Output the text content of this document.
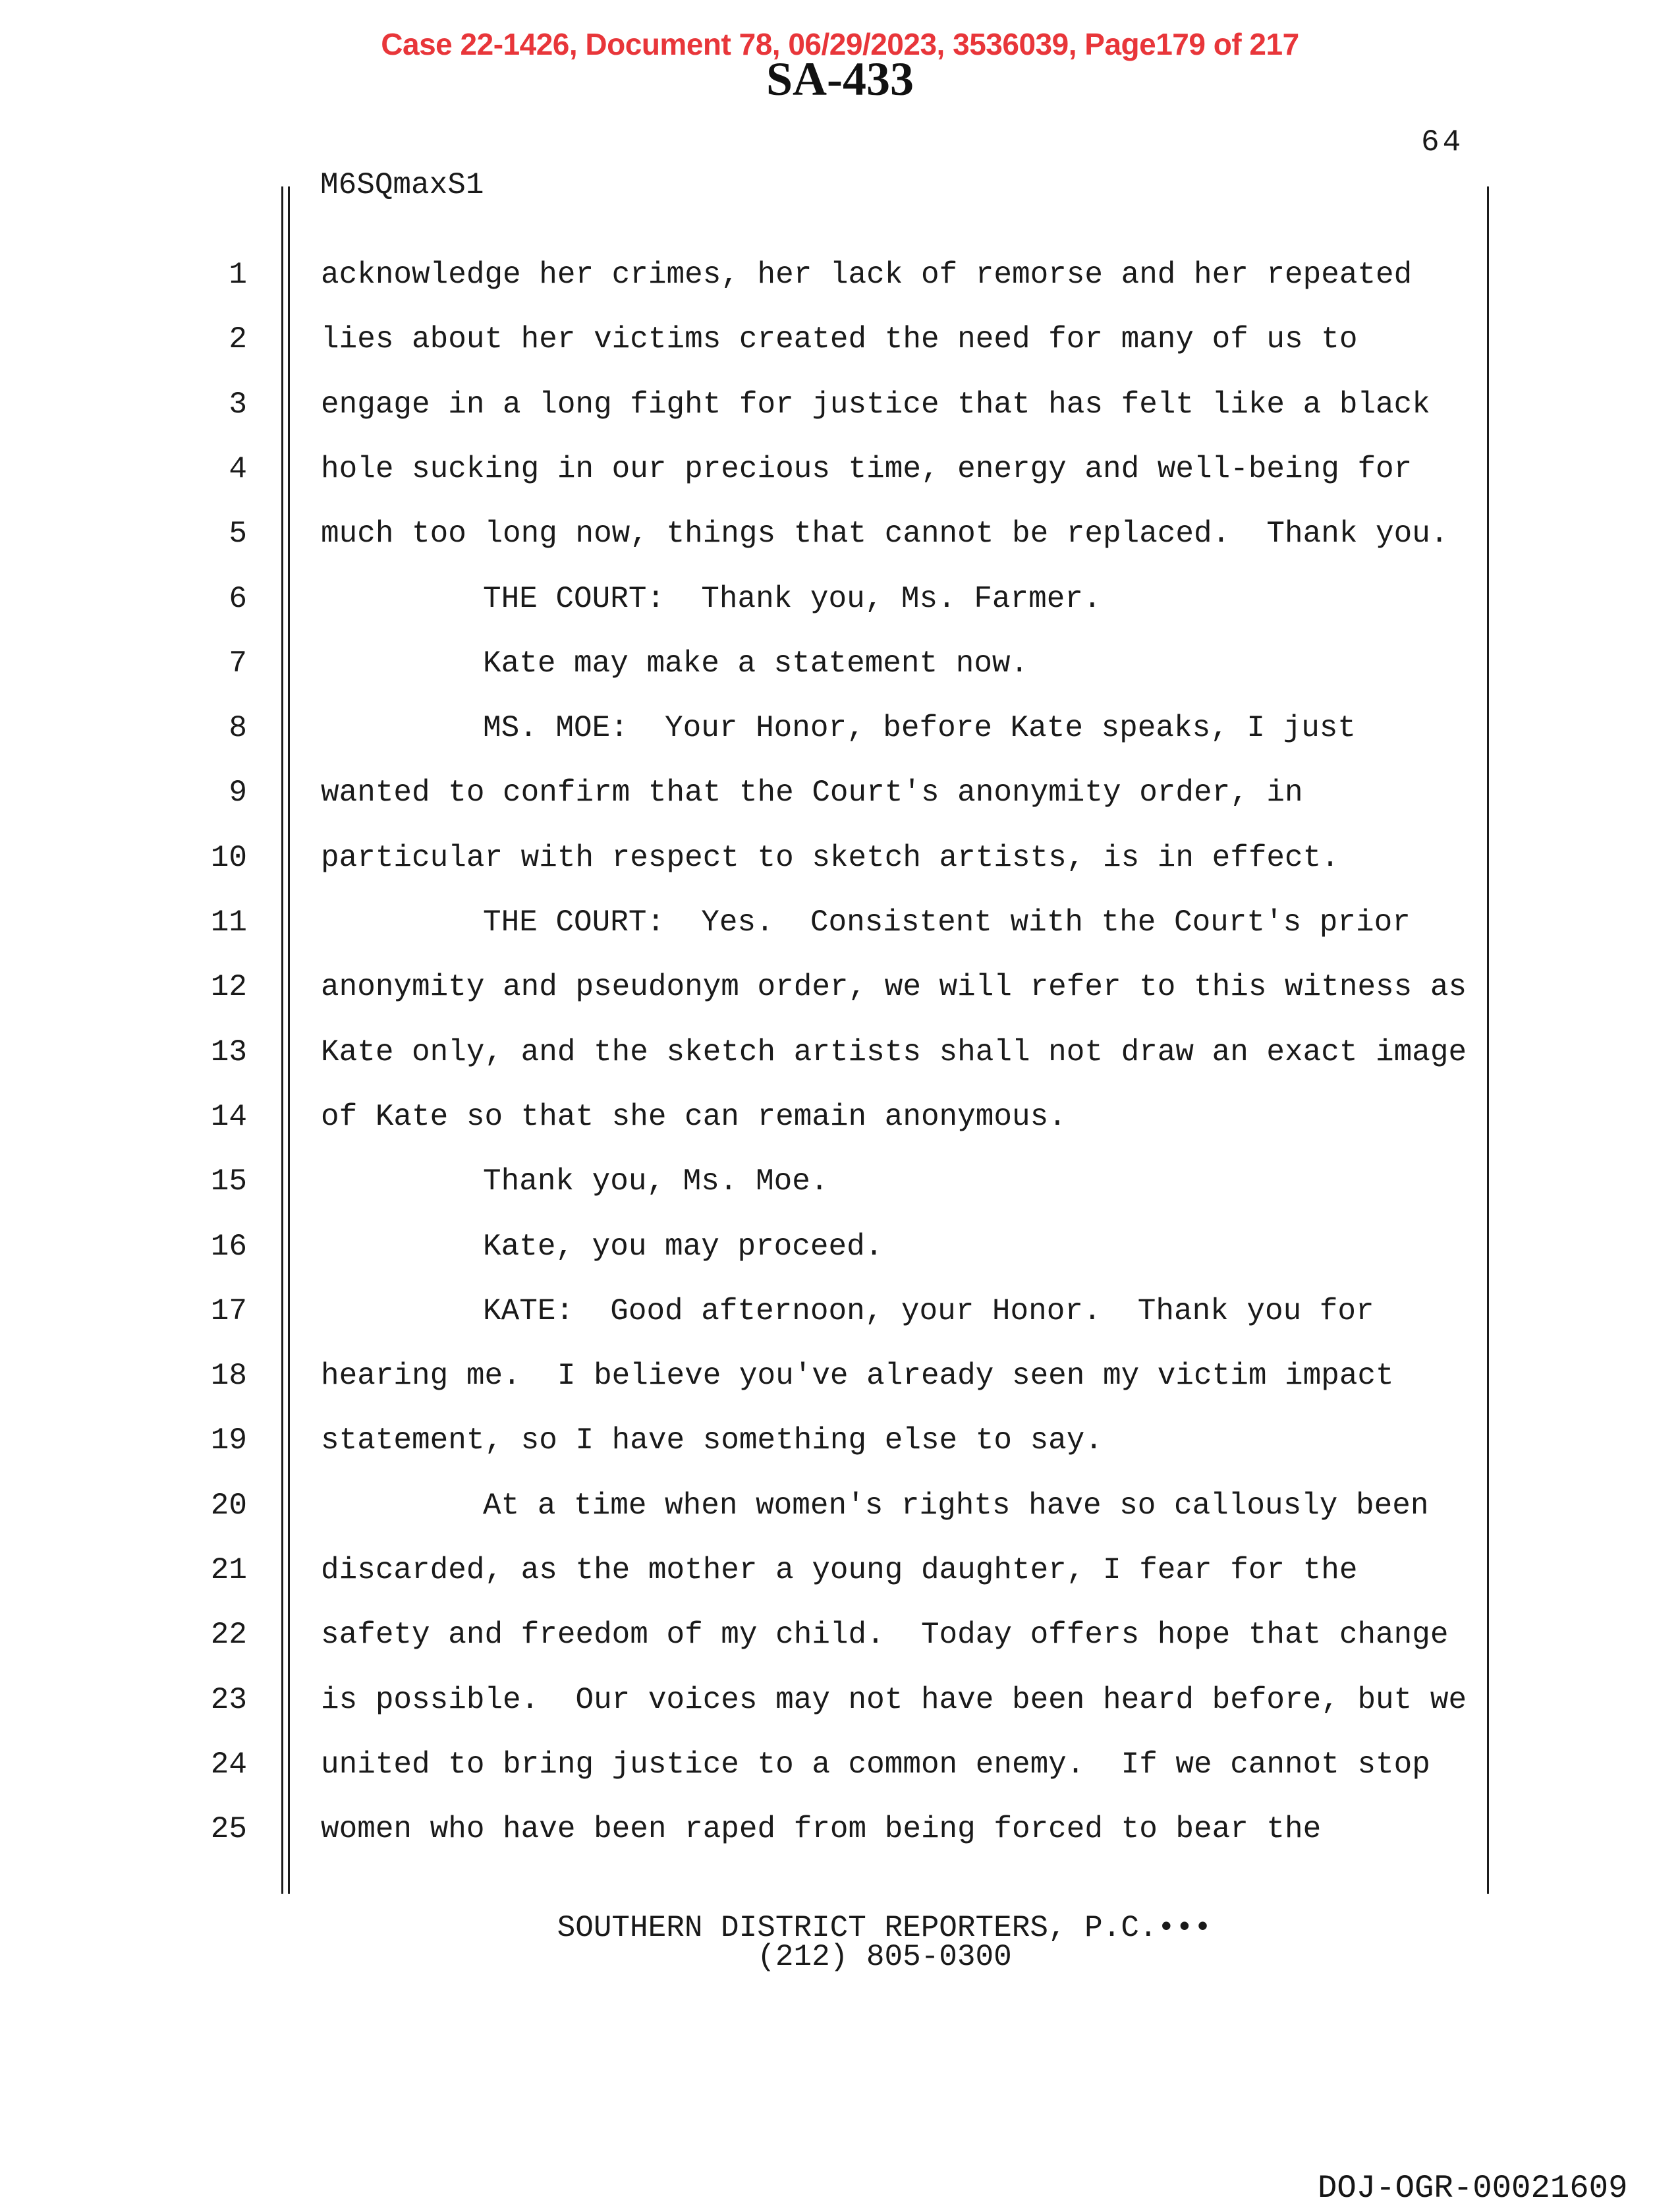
Case 22-1426, Document 78, 06/29/2023, 3536039, Page179 of 217
SA-433
64
M6SQmaxS1
1 acknowledge her crimes, her lack of remorse and her repeated
2 lies about her victims created the need for many of us to
3 engage in a long fight for justice that has felt like a black
4 hole sucking in our precious time, energy and well-being for
5 much too long now, things that cannot be replaced.  Thank you.
6	THE COURT:  Thank you, Ms. Farmer.
7	Kate may make a statement now.
8	MS. MOE:  Your Honor, before Kate speaks, I just
9 wanted to confirm that the Court's anonymity order, in
10 particular with respect to sketch artists, is in effect.
11	THE COURT:  Yes.  Consistent with the Court's prior
12 anonymity and pseudonym order, we will refer to this witness as
13 Kate only, and the sketch artists shall not draw an exact image
14 of Kate so that she can remain anonymous.
15	Thank you, Ms. Moe.
16	Kate, you may proceed.
17	KATE:  Good afternoon, your Honor.  Thank you for
18 hearing me.  I believe you've already seen my victim impact
19 statement, so I have something else to say.
20	At a time when women's rights have so callously been
21 discarded, as the mother a young daughter, I fear for the
22 safety and freedom of my child.  Today offers hope that change
23 is possible.  Our voices may not have been heard before, but we
24 united to bring justice to a common enemy.  If we cannot stop
25 women who have been raped from being forced to bear the
SOUTHERN DISTRICT REPORTERS, P.C.•••
(212) 805-0300
DOJ-OGR-00021609
